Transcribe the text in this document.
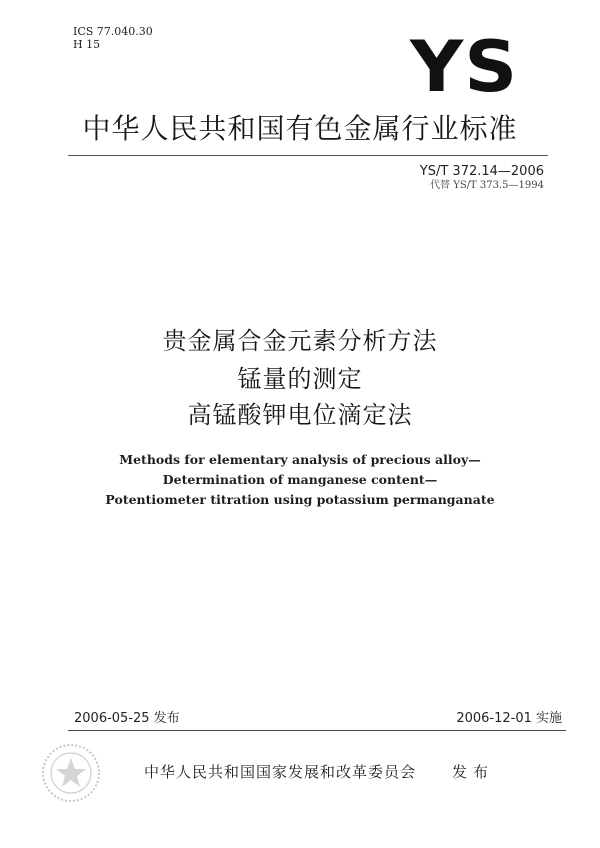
ICS 77.040.30
H 15	YS
中华人民共和国有色金属行业标准
YS/T 372.14—2006
代替 YS/T 373.5—1994
贵金属合金元素分析方法
锰量的测定
高锰酸钾电位滴定法
Methods for elementary analysis of precious alloy—
Determination of manganese content—
Potentiometer titration using potassium permanganate
2006-05-25 发布	2006-12-01 实施
中华人民共和国国家发展和改革委员会 发布
